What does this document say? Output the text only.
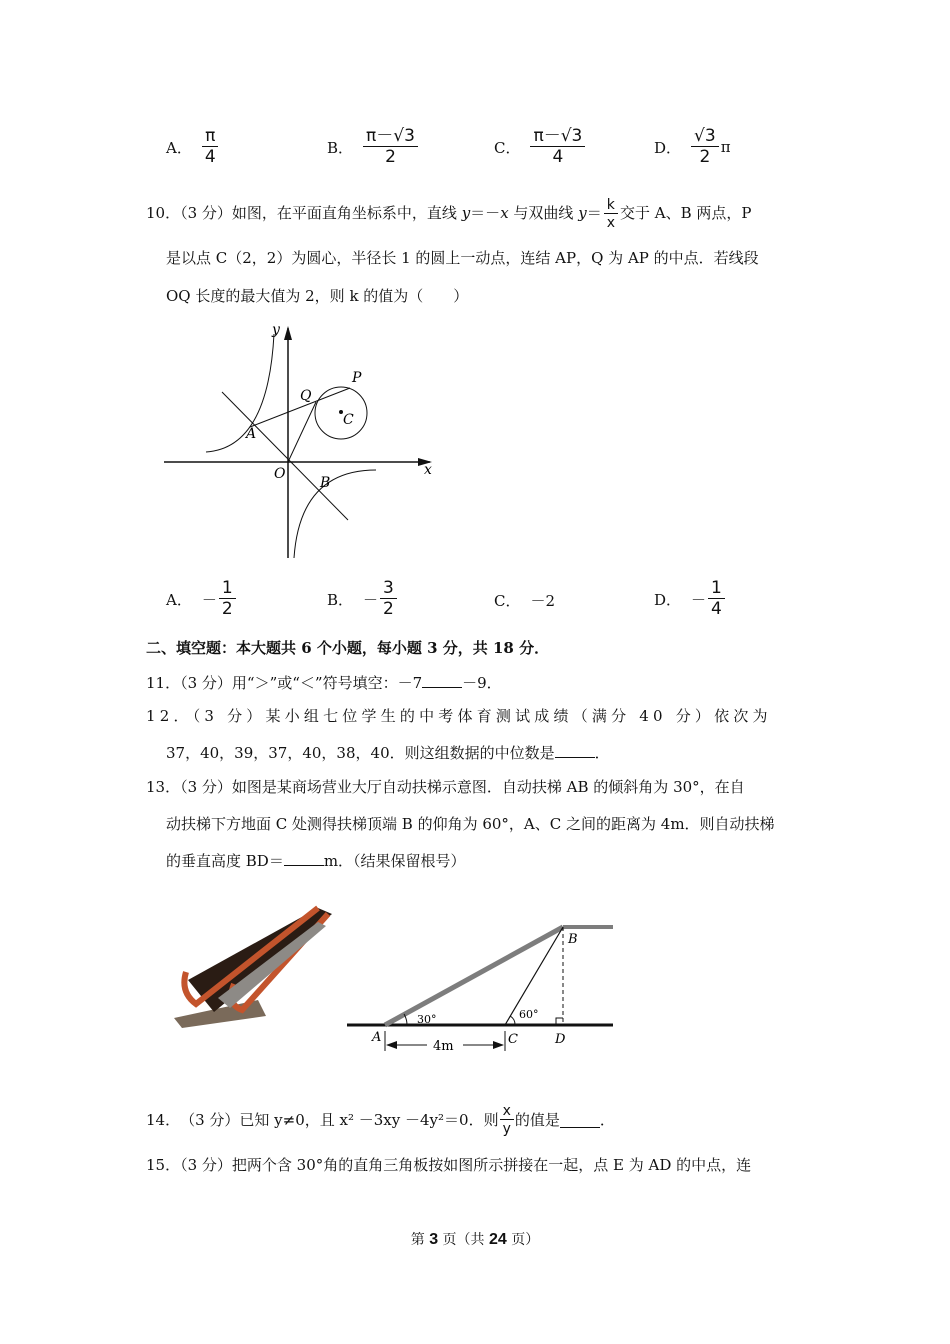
A． $\frac{\pi}{4}$	B． $\frac{\pi-√3}{2}$	C． $\frac{\pi-√3}{4}$	D． $\frac{√3}{2}$ π
10．（3 分）如图，在平面直角坐标系中，直线 y＝－x 与双曲线 $y= \frac{k}{x}$ 交于 A、B 两点，P
是以点 C（2，2）为圆心，半径长 1 的圆上一动点，连结 AP，Q 为 AP 的中点．若线段
OQ 长度的最大值为 2，则 k 的值为（　　）
y
x
O
A
B
P
Q
C
A． － $\frac{1}{2}$	B． － $\frac{3}{2}$	C． －2	D． － $\frac{1}{4}$
二、填空题：本大题共 6 个小题，每小题 3 分，共 18 分．
11．（3 分）用“＞”或“＜”符号填空：－7	－9．
12．（3 分）某小组七位学生的中考体育测试成绩（满分 40 分）依次为
37，40，39，37，40，38，40．则这组数据的中位数是	．
13．（3 分）如图是某商场营业大厅自动扶梯示意图．自动扶梯 AB 的倾斜角为 30°，在自
动扶梯下方地面 C 处测得扶梯顶端 B 的仰角为 60°，A、C 之间的距离为 4m．则自动扶梯
的垂直高度 BD＝	m．（结果保留根号）
30°	60°
A
B
C	D
4m
14． （3 分）已知 y≠0，且 x² －3xy －4y²＝0．则 $\frac{x}{y}$ 的值是	．
15．（3 分）把两个含 30°角的直角三角板按如图所示拼接在一起，点 E 为 AD 的中点，连
第 3 页（共 24 页）
